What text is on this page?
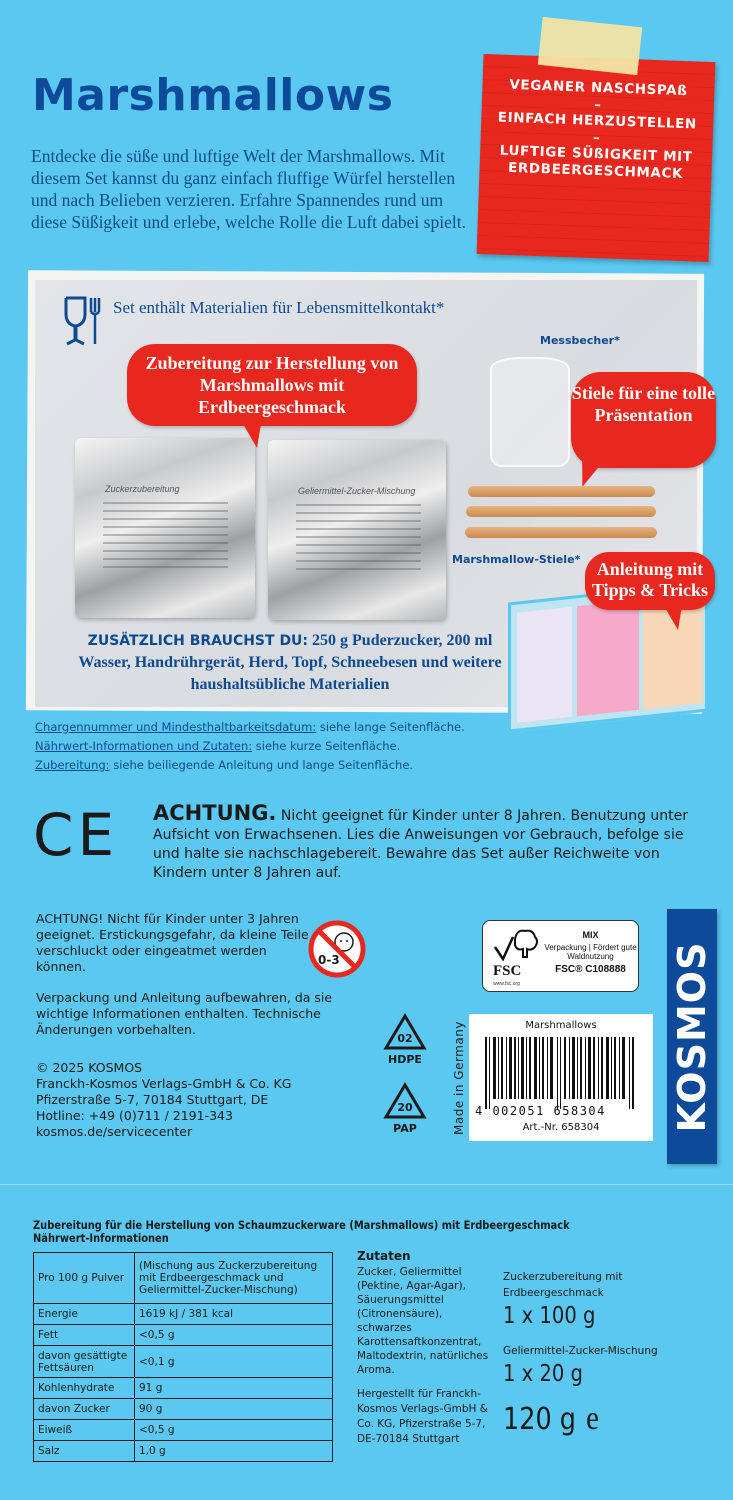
Marshmallows

Entdecke die süße und luftige Welt der Marshmallows. Mit diesem Set kannst du ganz einfach fluffige Würfel herstellen und nach Belieben verzieren. Erfahre Spannendes rund um diese Süßigkeit und erlebe, welche Rolle die Luft dabei spielt.

VEGANER NASCHSPAß
–
EINFACH HERZUSTELLEN
–
LUFTIGE SÜßIGKEIT MIT ERDBEERGESCHMACK
Set enthält Materialien für Lebensmittelkontakt*
Zuckerzubereitung	Geliermittel-Zucker-Mischung
Zubereitung zur Herstellung von Marshmallows mit Erdbeergeschmack
Messbecher*
Stiele für eine tolle Präsentation
Marshmallow-Stiele* Anleitung mit Tipps & Tricks
ZUSÄTZLICH BRAUCHST DU: 250 g Puderzucker, 200 ml Wasser, Handrührgerät, Herd, Topf, Schneebesen und weitere haushaltsübliche Materialien
Chargennummer und Mindesthaltbarkeitsdatum: siehe lange Seitenfläche.
Nährwert-Informationen und Zutaten: siehe kurze Seitenfläche.
Zubereitung: siehe beiliegende Anleitung und lange Seitenfläche.
CE ACHTUNG. Nicht geeignet für Kinder unter 8 Jahren. Benutzung unter Aufsicht von Erwachsenen. Lies die Anweisungen vor Gebrauch, befolge sie und halte sie nachschlagebereit. Bewahre das Set außer Reichweite von Kindern unter 8 Jahren auf.

ACHTUNG! Nicht für Kinder unter 3 Jahren geeignet. Erstickungsgefahr, da kleine Teile verschluckt oder eingeatmet werden können.	0-3

Verpackung und Anleitung aufbewahren, da sie wichtige Informationen enthalten. Technische Änderungen vorbehalten.

© 2025 KOSMOS
Franckh-Kosmos Verlags-GmbH & Co. KG
Pfizerstraße 5-7, 70184 Stuttgart, DE
Hotline: +49 (0)711 / 2191-343
kosmos.de/servicecenter
FSC
www.fsc.org
MIX
Verpackung | Fördert gute Waldnutzung
FSC® C108888
02
HDPE
20
PAP	Made in Germany	Marshmallows
4 002051 658304
Art.-Nr. 658304	KOSMOS
Zubereitung für die Herstellung von Schaumzuckerware (Marshmallows) mit Erdbeergeschmack
Nährwert-Informationen
Pro 100 g Pulver	(Mischung aus Zuckerzubereitung mit Erdbeergeschmack und Geliermittel-Zucker-Mischung)
Energie	1619 kJ / 381 kcal
Fett	<0,5 g
davon gesättigte Fettsäuren	<0,1 g
Kohlenhydrate	91 g
davon Zucker	90 g
Eiweiß	<0,5 g
Salz	1,0 g
Zutaten

Zucker, Geliermittel (Pektine, Agar-Agar), Säuerungsmittel (Citronensäure), schwarzes Karottensaftkonzentrat, Maltodextrin, natürliches Aroma.

Hergestellt für Franckh-Kosmos Verlags-GmbH & Co. KG, Pfizerstraße 5-7, DE-70184 Stuttgart

Zuckerzubereitung mit Erdbeergeschmack
1 x 100 g
Geliermittel-Zucker-Mischung
1 x 20 g
120 g e
